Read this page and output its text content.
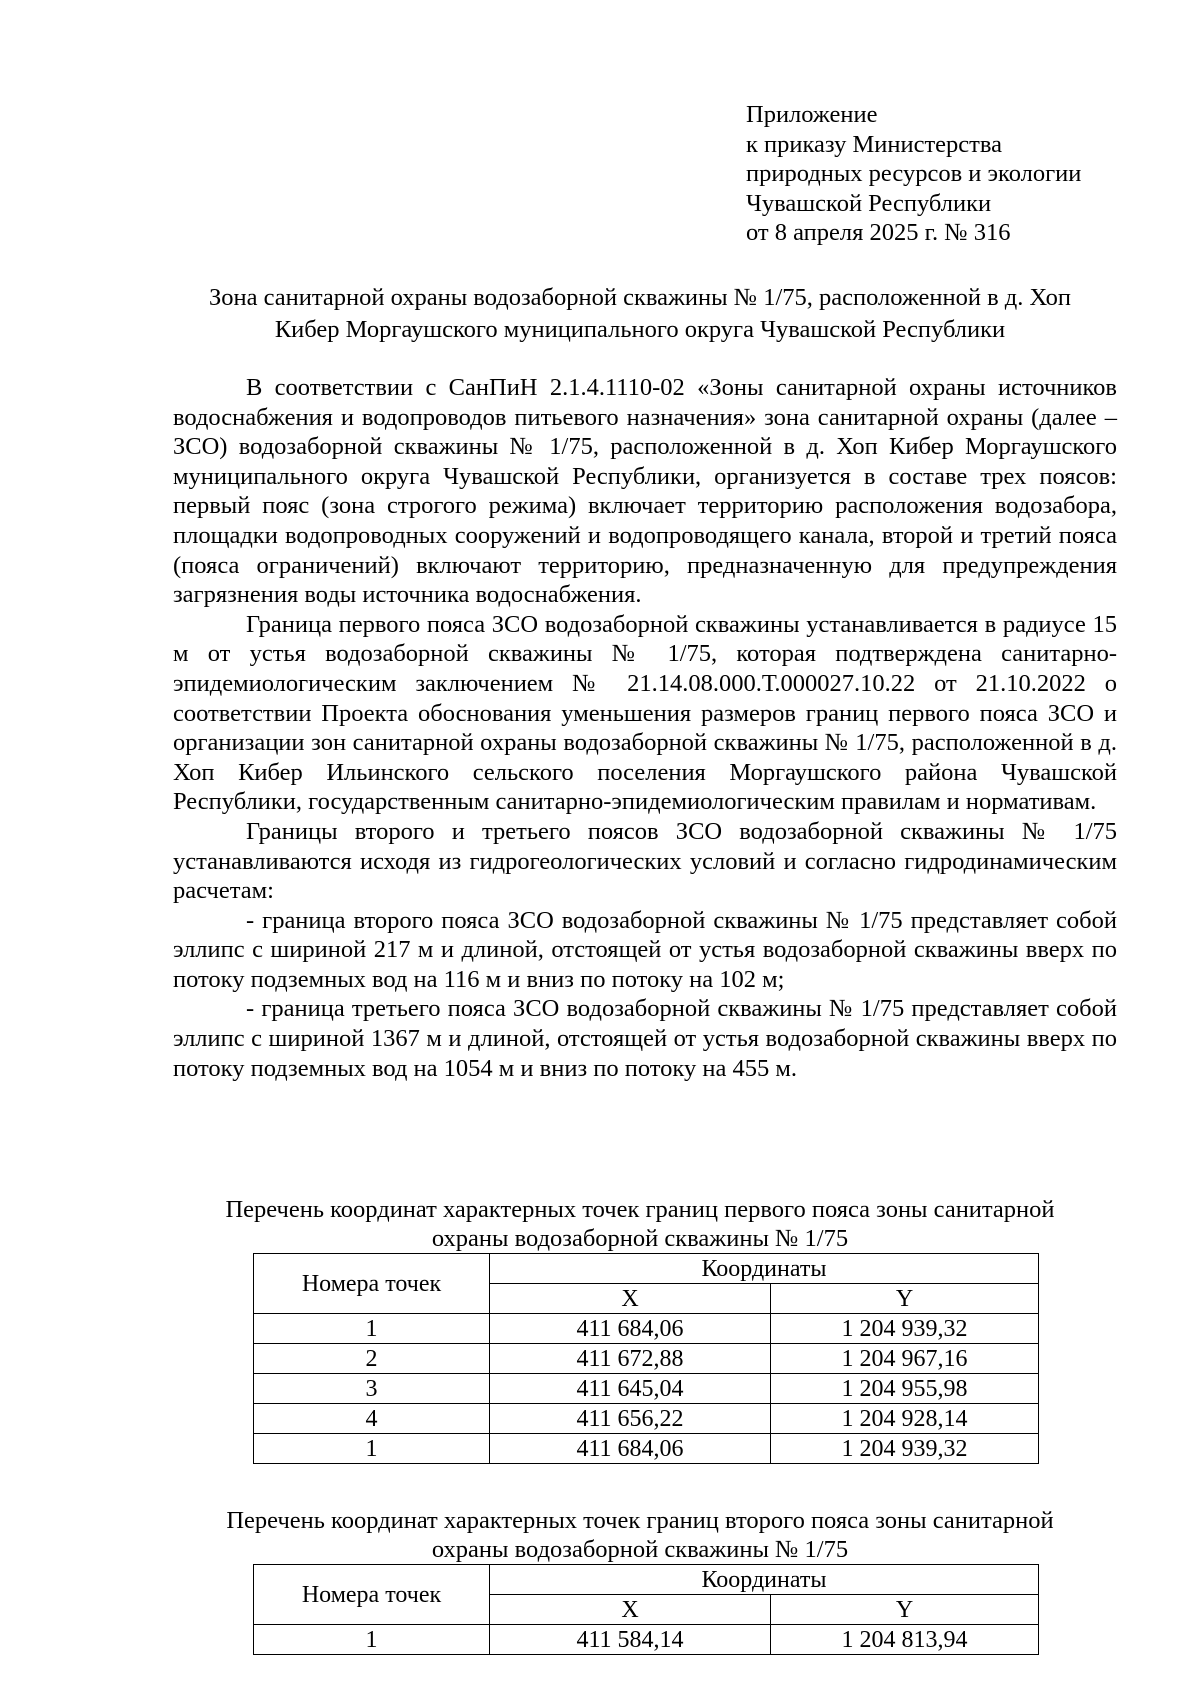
Приложение
к приказу Министерства
природных ресурсов и экологии
Чувашской Республики
от 8 апреля 2025 г. № 316
Зона санитарной охраны водозаборной скважины № 1/75, расположенной в д. Хоп
Кибер Моргаушского муниципального округа Чувашской Республики

В соответствии с СанПиН 2.1.4.1110-02 «Зоны санитарной охраны источников водоснабжения и водопроводов питьевого назначения» зона санитарной охраны (далее – ЗСО) водозаборной скважины № 1/75, расположенной в д. Хоп Кибер Моргаушского муниципального округа Чувашской Республики, организуется в составе трех поясов: первый пояс (зона строгого режима) включает территорию расположения водозабора, площадки водопроводных сооружений и водопроводящего канала, второй и третий пояса (пояса ограничений) включают территорию, предназначенную для предупреждения загрязнения воды источника водоснабжения.

Граница первого пояса ЗСО водозаборной скважины устанавливается в радиусе 15 м от устья водозаборной скважины № 1/75, которая подтверждена санитарно-эпидемиологическим заключением № 21.14.08.000.Т.000027.10.22 от 21.10.2022 о соответствии Проекта обоснования уменьшения размеров границ первого пояса ЗСО и организации зон санитарной охраны водозаборной скважины № 1/75, расположенной в д. Хоп Кибер Ильинского сельского поселения Моргаушского района Чувашской Республики, государственным санитарно-эпидемиологическим правилам и нормативам.

Границы второго и третьего поясов ЗСО водозаборной скважины № 1/75 устанавливаются исходя из гидрогеологических условий и согласно гидродинамическим расчетам:

- граница второго пояса ЗСО водозаборной скважины № 1/75 представляет собой эллипс с шириной 217 м и длиной, отстоящей от устья водозаборной скважины вверх по потоку подземных вод на 116 м и вниз по потоку на 102 м;

- граница третьего пояса ЗСО водозаборной скважины № 1/75 представляет собой эллипс с шириной 1367 м и длиной, отстоящей от устья водозаборной скважины вверх по потоку подземных вод на 1054 м и вниз по потоку на 455 м.

Перечень координат характерных точек границ первого пояса зоны санитарной
охраны водозаборной скважины № 1/75
Номера точек	Координаты	
	X	Y
1	411 684,06	1 204 939,32
2	411 672,88	1 204 967,16
3	411 645,04	1 204 955,98
4	411 656,22	1 204 928,14
1	411 684,06	1 204 939,32
Перечень координат характерных точек границ второго пояса зоны санитарной
охраны водозаборной скважины № 1/75
Номера точек	Координаты	
	X	Y
1	411 584,14	1 204 813,94
